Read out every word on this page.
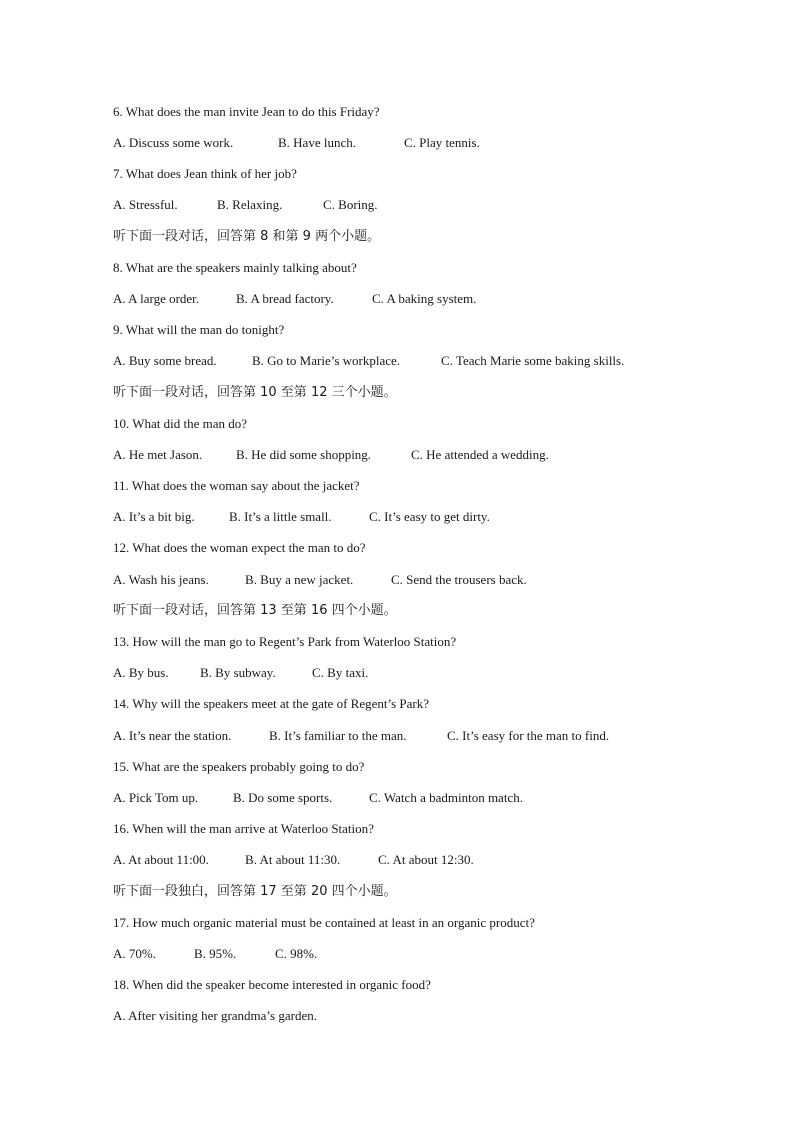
6. What does the man invite Jean to do this Friday?
A. Discuss some work.	B. Have lunch.	C. Play tennis.
7. What does Jean think of her job?
A. Stressful.	B. Relaxing.	C. Boring.
听下面一段对话，回答第 8 和第 9 两个小题。
8. What are the speakers mainly talking about?
A. A large order.	B. A bread factory.	C. A baking system.
9. What will the man do tonight?
A. Buy some bread.	B. Go to Marie’s workplace.	C. Teach Marie some baking skills.
听下面一段对话，回答第 10 至第 12 三个小题。
10. What did the man do?
A. He met Jason.	B. He did some shopping.	C. He attended a wedding.
11. What does the woman say about the jacket?
A. It’s a bit big.	B. It’s a little small.	C. It’s easy to get dirty.
12. What does the woman expect the man to do?
A. Wash his jeans.	B. Buy a new jacket.	C. Send the trousers back.
听下面一段对话，回答第 13 至第 16 四个小题。
13. How will the man go to Regent’s Park from Waterloo Station?
A. By bus. B. By subway.	C. By taxi.
14. Why will the speakers meet at the gate of Regent’s Park?
A. It’s near the station.	B. It’s familiar to the man.	C. It’s easy for the man to find.
15. What are the speakers probably going to do?
A. Pick Tom up.	B. Do some sports.	C. Watch a badminton match.
16. When will the man arrive at Waterloo Station?
A. At about 11:00.	B. At about 11:30.	C. At about 12:30.
听下面一段独白，回答第 17 至第 20 四个小题。
17. How much organic material must be contained at least in an organic product?
A. 70%.	B. 95%.	C. 98%.
18. When did the speaker become interested in organic food?
A. After visiting her grandma’s garden.
